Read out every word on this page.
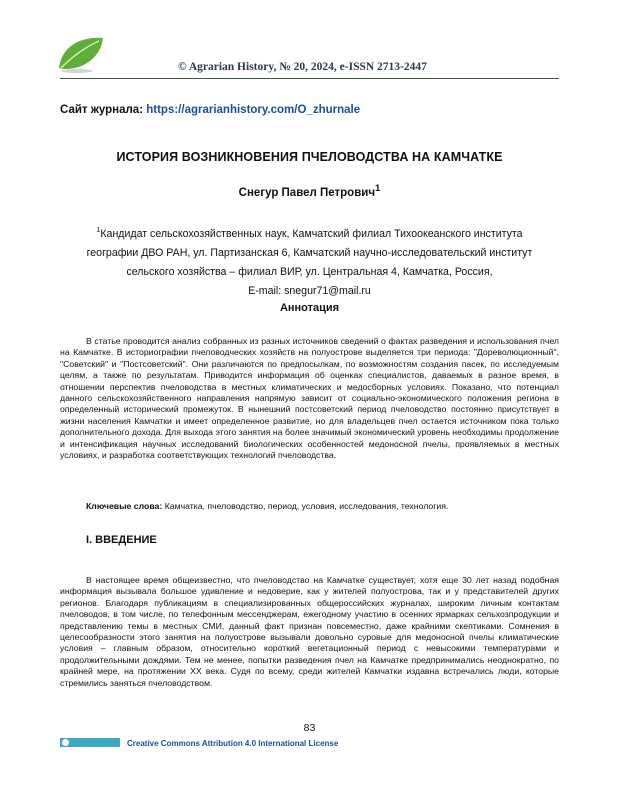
© Agrarian History, № 20, 2024, e-ISSN 2713-2447
Сайт журнала: https://agrarianhistory.com/O_zhurnale
ИСТОРИЯ ВОЗНИКНОВЕНИЯ ПЧЕЛОВОДСТВА НА КАМЧАТКЕ
Снегур Павел Петрович$^1$
$^1$Кандидат сельскохозяйственных наук, Камчатский филиал Тихоокеанского института
географии ДВО РАН, ул. Партизанская 6, Камчатский научно-исследовательский институт
сельского хозяйства – филиал ВИР, ул. Центральная 4, Камчатка, Россия,
E-mail: snegur71@mail.ru
Аннотация
В статье проводится анализ собранных из разных источников сведений о фактах разведения и использования пчел на Камчатке. В историографии пчеловодческих хозяйств на полуострове выделяется три периода: "Дореволюционный", "Советский" и "Постсоветский". Они различаются по предпосылкам, по возможностям создания пасек, по исследуемым целям, а также по результатам. Приводится информация об оценках специалистов, даваемых в разное время, в отношении перспектив пчеловодства в местных климатических и медосборных условиях. Показано, что потенциал данного сельскохозяйственного направления напрямую зависит от социально-экономического положения региона в определенный исторический промежуток. В нынешний постсоветский период пчеловодство постоянно присутствует в жизни населения Камчатки и имеет определенное развитие, но для владельцев пчел остается источником пока только дополнительного дохода. Для выхода этого занятия на более значимый экономический уровень необходимы продолжение и интенсификация научных исследований биологических особенностей медоносной пчелы, проявляемых в местных условиях, и разработка соответствующих технологий пчеловодства.
Ключевые слова: Камчатка, пчеловодство, период, условия, исследования, технология.
I. ВВЕДЕНИЕ
В настоящее время общеизвестно, что пчеловодство на Камчатке существует, хотя еще 30 лет назад подобная информация вызывала большое удивление и недоверие, как у жителей полуострова, так и у представителей других регионов. Благодаря публикациям в специализированных общероссийских журналах, широким личным контактам пчеловодов, в том числе, по телефонным мессенджерам, ежегодному участию в осенних ярмарках сельхозпродукции и представлению темы в местных СМИ, данный факт признан повсеместно, даже крайними скептиками. Сомнения в целесообразности этого занятия на полуострове вызывали довольно суровые для медоносной пчелы климатические условия – главным образом, относительно короткий вегетационный период с невысокими температурами и продолжительными дождями. Тем не менее, попытки разведения пчел на Камчатке предпринимались неоднократно, по крайней мере, на протяжении XX века. Судя по всему, среди жителей Камчатки издавна встречались люди, которые стремились заняться пчеловодством.
83
Creative Commons Attribution 4.0 International License
